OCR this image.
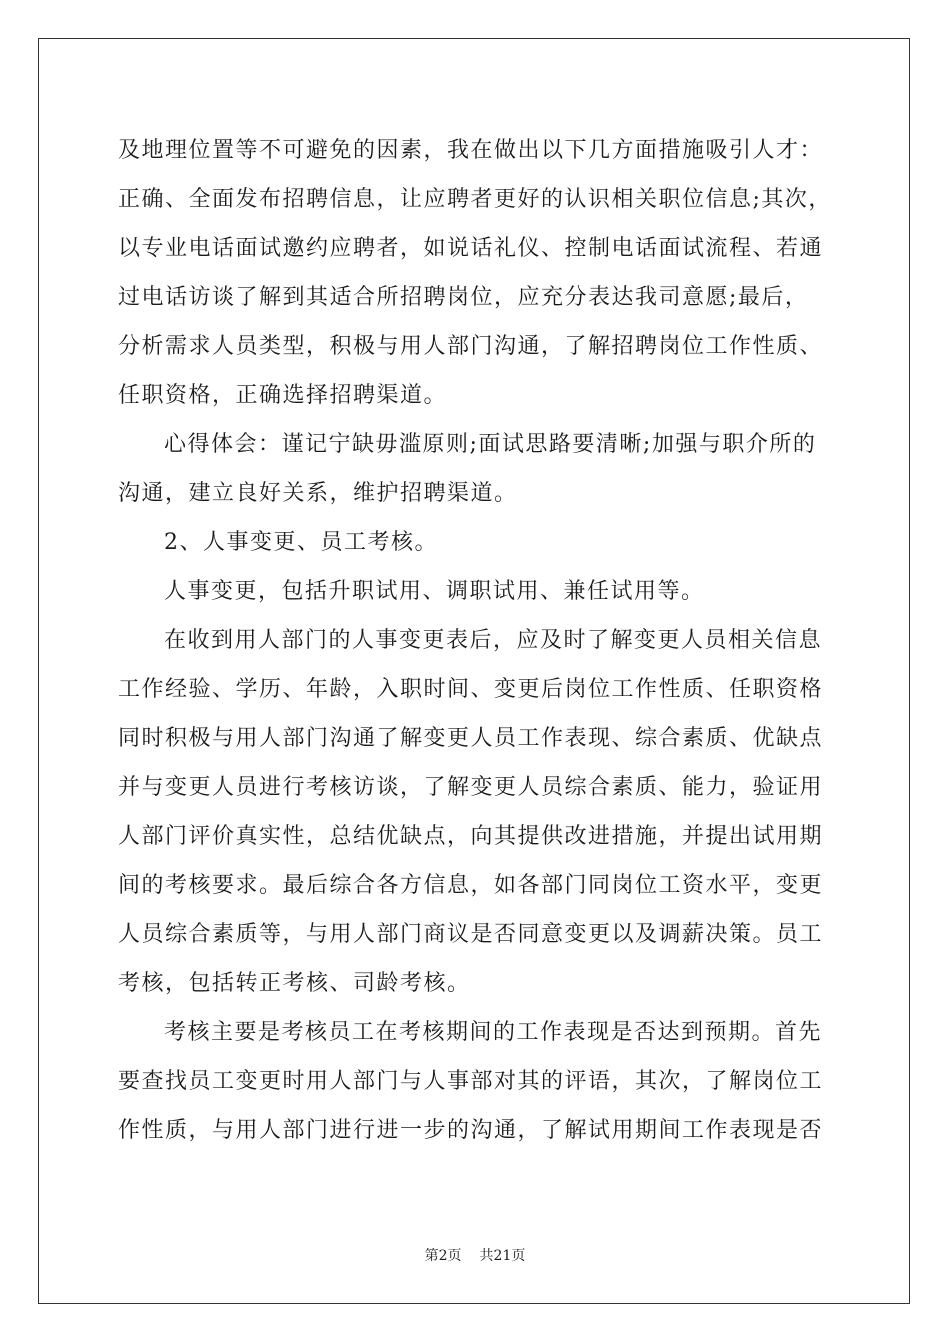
及地理位置等不可避免的因素，我在做出以下几方面措施吸引人才：
正确、全面发布招聘信息，让应聘者更好的认识相关职位信息;其次，
以专业电话面试邀约应聘者，如说话礼仪、控制电话面试流程、若通
过电话访谈了解到其适合所招聘岗位，应充分表达我司意愿;最后，
分析需求人员类型，积极与用人部门沟通，了解招聘岗位工作性质、
任职资格，正确选择招聘渠道。
心得体会：谨记宁缺毋滥原则;面试思路要清晰;加强与职介所的
沟通，建立良好关系，维护招聘渠道。
2、人事变更、员工考核。
人事变更，包括升职试用、调职试用、兼任试用等。
在收到用人部门的人事变更表后，应及时了解变更人员相关信息
工作经验、学历、年龄，入职时间、变更后岗位工作性质、任职资格
同时积极与用人部门沟通了解变更人员工作表现、综合素质、优缺点
并与变更人员进行考核访谈，了解变更人员综合素质、能力，验证用
人部门评价真实性，总结优缺点，向其提供改进措施，并提出试用期
间的考核要求。最后综合各方信息，如各部门同岗位工资水平，变更
人员综合素质等，与用人部门商议是否同意变更以及调薪决策。员工
考核，包括转正考核、司龄考核。
考核主要是考核员工在考核期间的工作表现是否达到预期。首先
要查找员工变更时用人部门与人事部对其的评语，其次，了解岗位工
作性质，与用人部门进行进一步的沟通，了解试用期间工作表现是否
第2页 共21页
